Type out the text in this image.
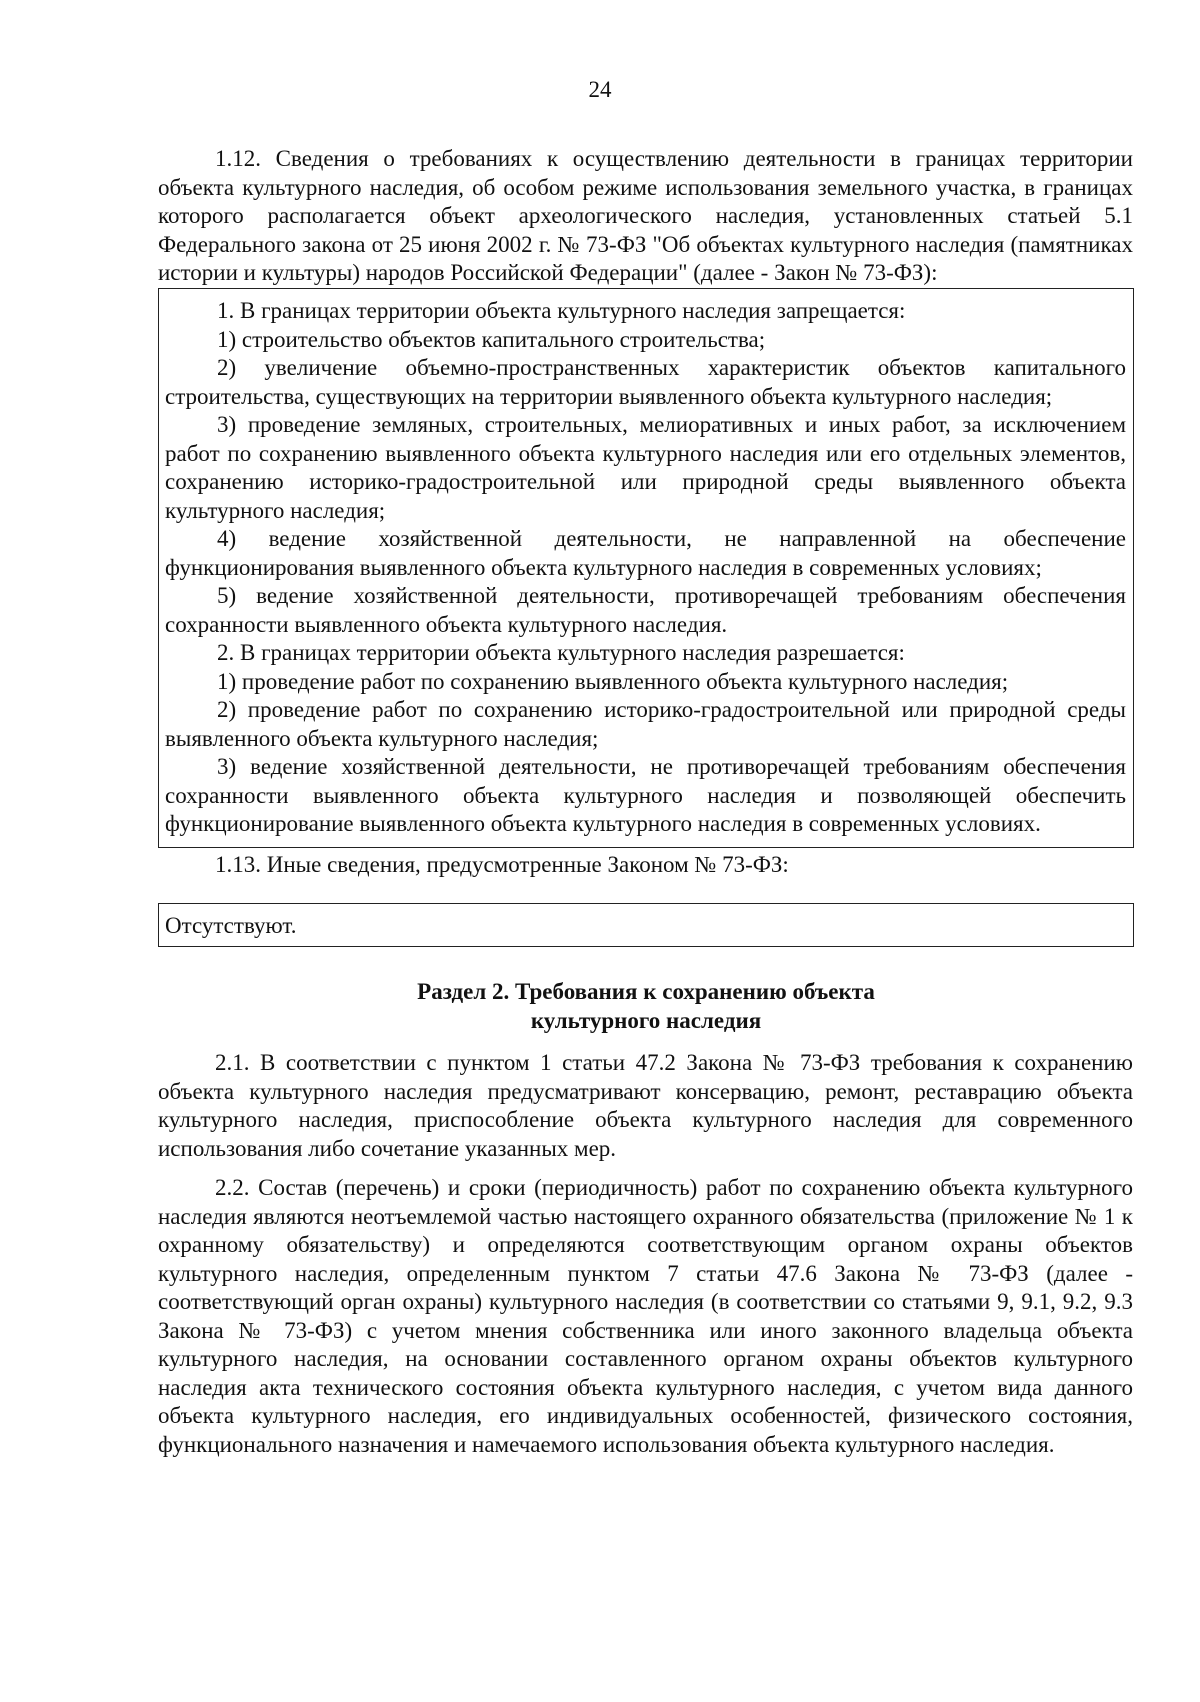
24

1.12. Сведения о требованиях к осуществлению деятельности в границах территории объекта культурного наследия, об особом режиме использования земельного участка, в границах которого располагается объект археологического наследия, установленных статьей 5.1 Федерального закона от 25 июня 2002 г. № 73-ФЗ "Об объектах культурного наследия (памятниках истории и культуры) народов Российской Федерации" (далее - Закон № 73-ФЗ):

1. В границах территории объекта культурного наследия запрещается:

1) строительство объектов капитального строительства;

2) увеличение объемно-пространственных характеристик объектов капитального строительства, существующих на территории выявленного объекта культурного наследия;

3) проведение земляных, строительных, мелиоративных и иных работ, за исключением работ по сохранению выявленного объекта культурного наследия или его отдельных элементов, сохранению историко-градостроительной или природной среды выявленного объекта культурного наследия;

4) ведение хозяйственной деятельности, не направленной на обеспечение функционирования выявленного объекта культурного наследия в современных условиях;

5) ведение хозяйственной деятельности, противоречащей требованиям обеспечения сохранности выявленного объекта культурного наследия.

2. В границах территории объекта культурного наследия разрешается:

1) проведение работ по сохранению выявленного объекта культурного наследия;

2) проведение работ по сохранению историко-градостроительной или природной среды выявленного объекта культурного наследия;

3) ведение хозяйственной деятельности, не противоречащей требованиям обеспечения сохранности выявленного объекта культурного наследия и позволяющей обеспечить функционирование выявленного объекта культурного наследия в современных условиях.

1.13. Иные сведения, предусмотренные Законом № 73-ФЗ:

Отсутствуют.
Раздел 2. Требования к сохранению объекта
культурного наследия

2.1. В соответствии с пунктом 1 статьи 47.2 Закона № 73-ФЗ требования к сохранению объекта культурного наследия предусматривают консервацию, ремонт, реставрацию объекта культурного наследия, приспособление объекта культурного наследия для современного использования либо сочетание указанных мер.

2.2. Состав (перечень) и сроки (периодичность) работ по сохранению объекта культурного наследия являются неотъемлемой частью настоящего охранного обязательства (приложение № 1 к охранному обязательству) и определяются соответствующим органом охраны объектов культурного наследия, определенным пунктом 7 статьи 47.6 Закона № 73-ФЗ (далее - соответствующий орган охраны) культурного наследия (в соответствии со статьями 9, 9.1, 9.2, 9.3 Закона № 73-ФЗ) с учетом мнения собственника или иного законного владельца объекта культурного наследия, на основании составленного органом охраны объектов культурного наследия акта технического состояния объекта культурного наследия, с учетом вида данного объекта культурного наследия, его индивидуальных особенностей, физического состояния, функционального назначения и намечаемого использования объекта культурного наследия.
